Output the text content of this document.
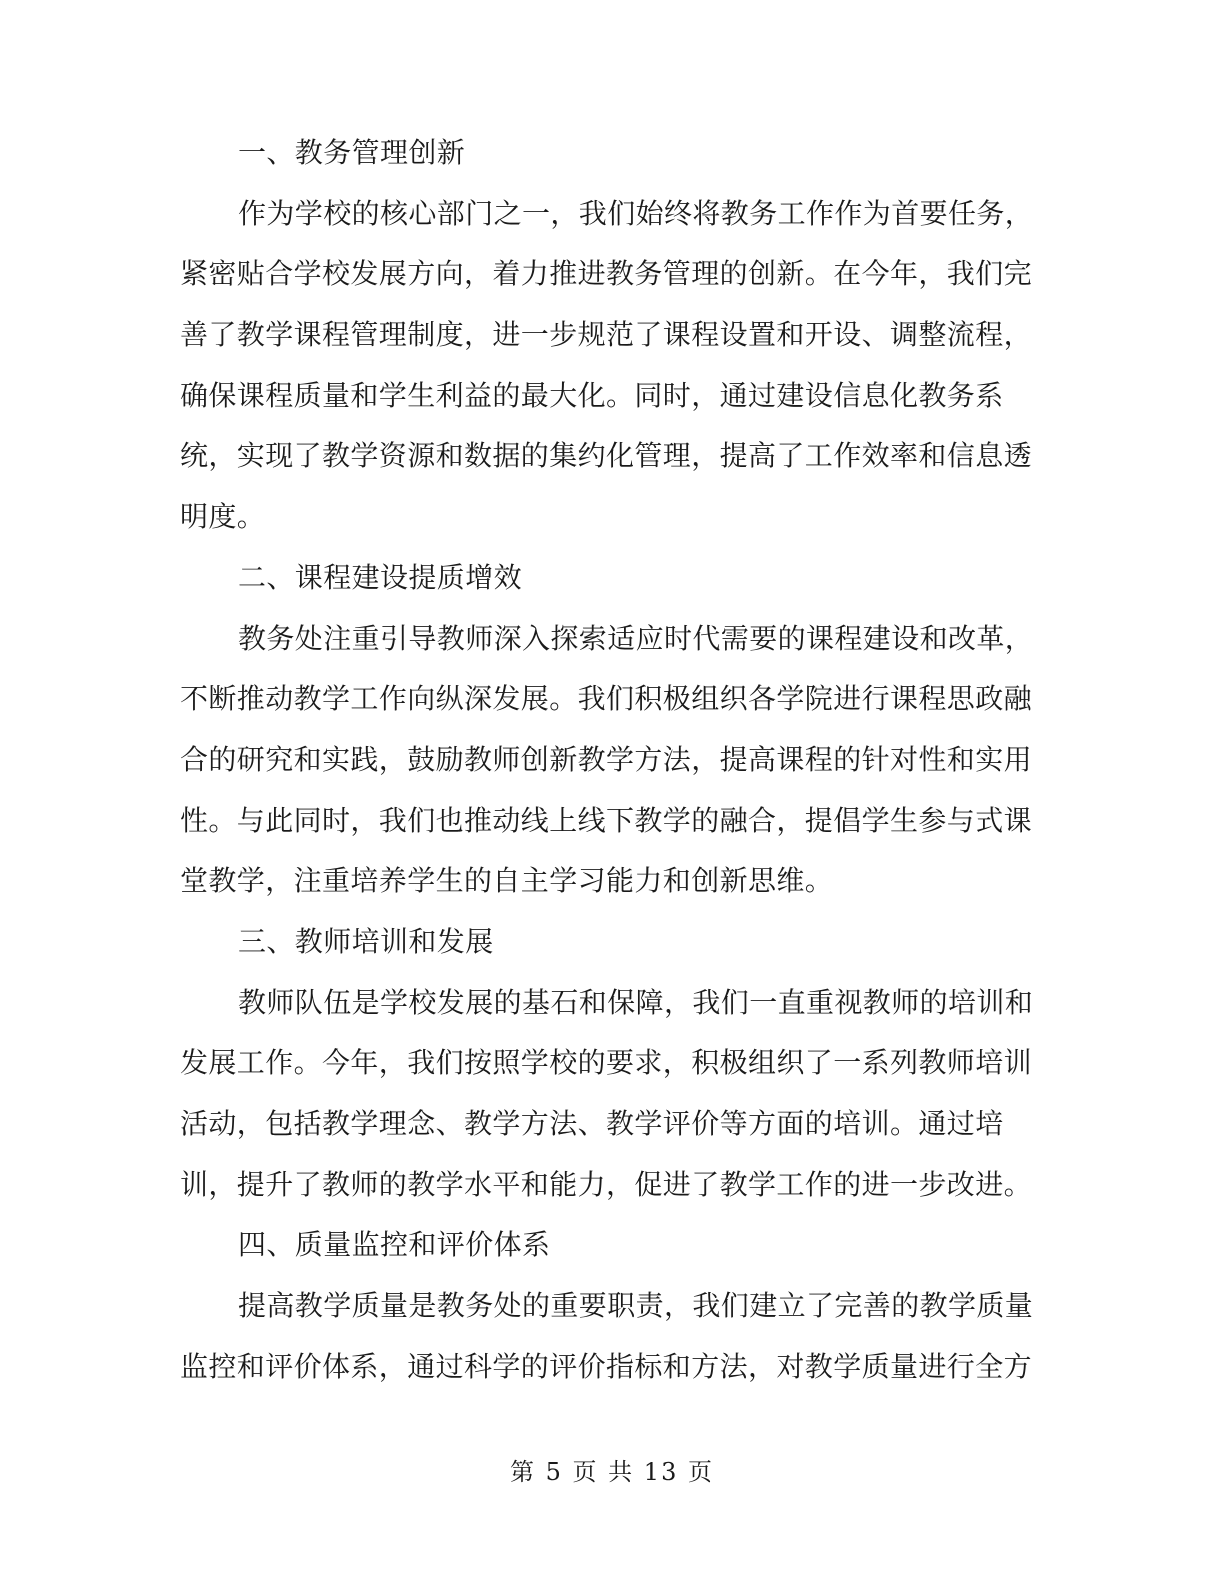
一、教务管理创新
作为学校的核心部门之一，我们始终将教务工作作为首要任务，
紧密贴合学校发展方向，着力推进教务管理的创新。在今年，我们完
善了教学课程管理制度，进一步规范了课程设置和开设、调整流程，
确保课程质量和学生利益的最大化。同时，通过建设信息化教务系
统，实现了教学资源和数据的集约化管理，提高了工作效率和信息透
明度。
二、课程建设提质增效
教务处注重引导教师深入探索适应时代需要的课程建设和改革，
不断推动教学工作向纵深发展。我们积极组织各学院进行课程思政融
合的研究和实践，鼓励教师创新教学方法，提高课程的针对性和实用
性。与此同时，我们也推动线上线下教学的融合，提倡学生参与式课
堂教学，注重培养学生的自主学习能力和创新思维。
三、教师培训和发展
教师队伍是学校发展的基石和保障，我们一直重视教师的培训和
发展工作。今年，我们按照学校的要求，积极组织了一系列教师培训
活动，包括教学理念、教学方法、教学评价等方面的培训。通过培
训，提升了教师的教学水平和能力，促进了教学工作的进一步改进。
四、质量监控和评价体系
提高教学质量是教务处的重要职责，我们建立了完善的教学质量
监控和评价体系，通过科学的评价指标和方法，对教学质量进行全方
第 5 页 共 13 页
